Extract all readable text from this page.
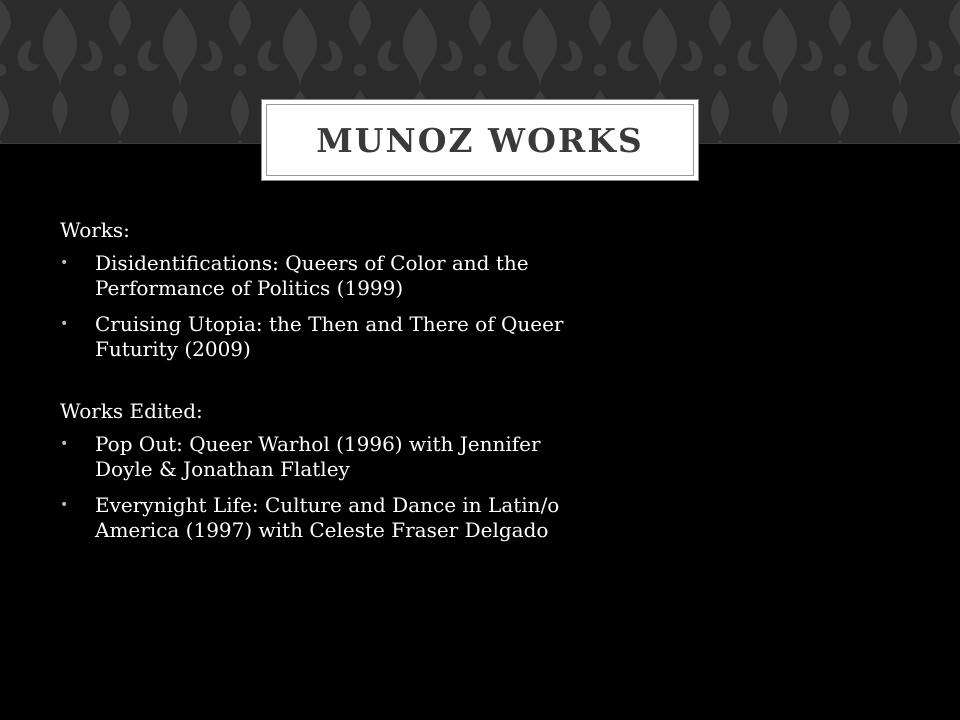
MUNOZ WORKS

Works:

• Disidentifications: Queers of Color and the Performance of Politics (1999)
• Cruising Utopia: the Then and There of Queer Futurity (2009)

Works Edited:

• Pop Out: Queer Warhol (1996) with Jennifer Doyle & Jonathan Flatley
• Everynight Life: Culture and Dance in Latin/o America (1997) with Celeste Fraser Delgado
